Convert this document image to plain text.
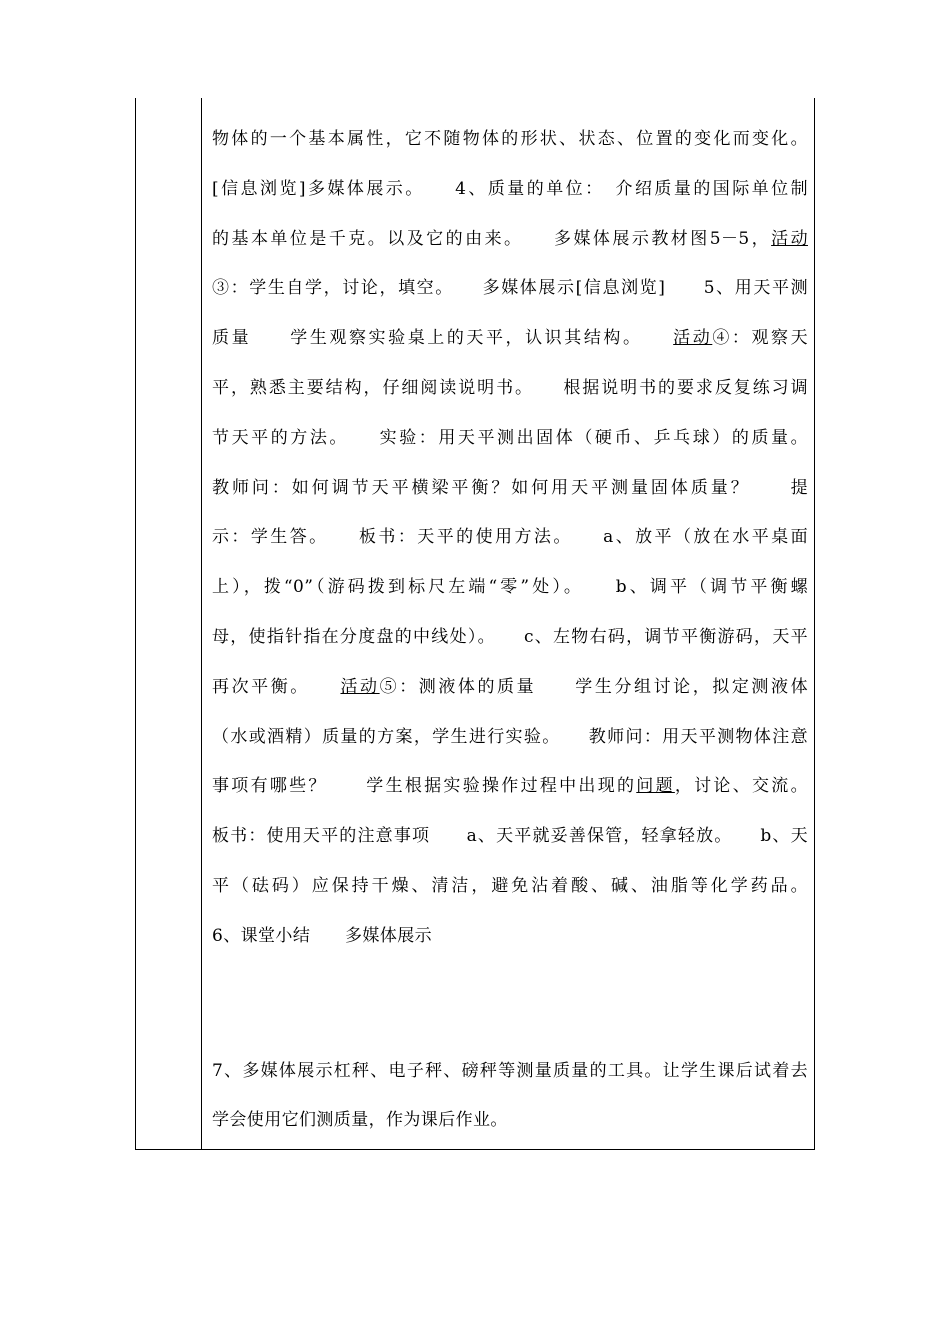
物体的一个基本属性，它不随物体的形状、状态、位置的变化而变化。
[信息浏览]多媒体展示。　　4、质量的单位：　介绍质量的国际单位制
的基本单位是千克。以及它的由来。　　多媒体展示教材图5－5，活动
③：学生自学，讨论，填空。　　多媒体展示[信息浏览]　　5、用天平测
质量　　学生观察实验桌上的天平，认识其结构。　　活动④：观察天
平，熟悉主要结构，仔细阅读说明书。　　根据说明书的要求反复练习调
节天平的方法。　　实验：用天平测出固体（硬币、乒乓球）的质量。
教师问：如何调节天平横梁平衡？如何用天平测量固体质量？　　提
示：学生答。　　板书：天平的使用方法。　　a、放平（放在水平桌面
上），拨“0”（游码拨到标尺左端“零”处）。　　b、调平（调节平衡螺
母，使指针指在分度盘的中线处）。　　c、左物右码，调节平衡游码，天平
再次平衡。　　活动⑤：测液体的质量　　学生分组讨论，拟定测液体
（水或酒精）质量的方案，学生进行实验。　　教师问：用天平测物体注意
事项有哪些？　　学生根据实验操作过程中出现的问题，讨论、交流。
板书：使用天平的注意事项　　a、天平就妥善保管，轻拿轻放。　　b、天
平（砝码）应保持干燥、清洁，避免沾着酸、碱、油脂等化学药品。
6、课堂小结　　多媒体展示
7、多媒体展示杠秤、电子秤、磅秤等测量质量的工具。让学生课后试着去
学会使用它们测质量，作为课后作业。
